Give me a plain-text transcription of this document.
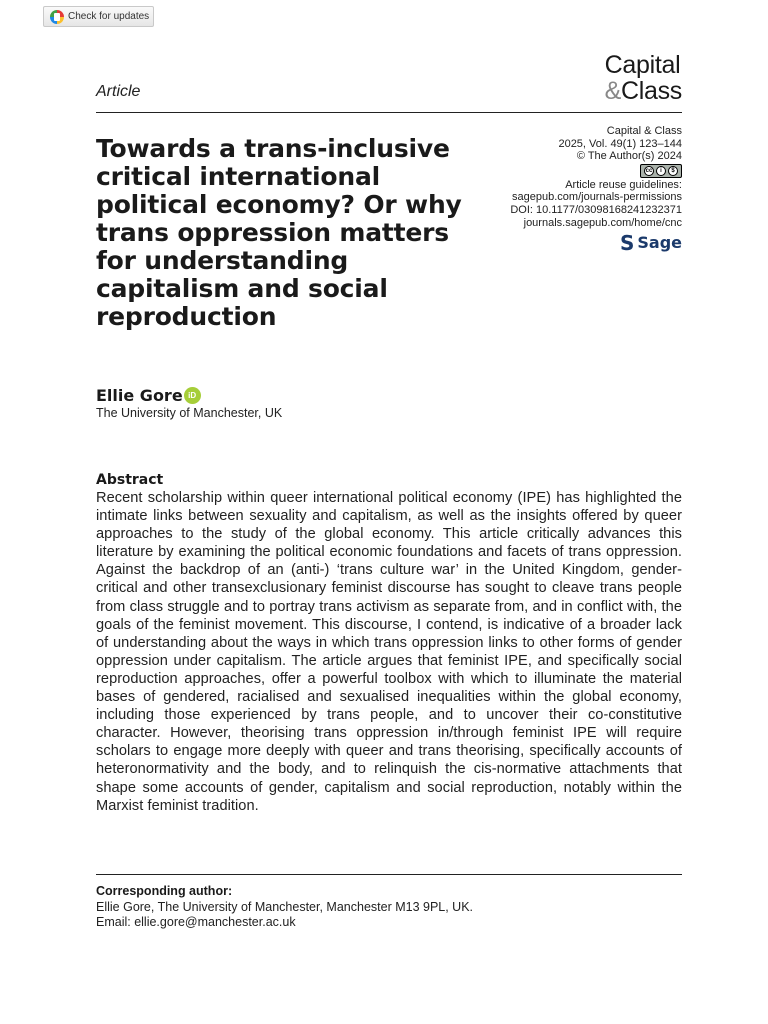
Check for updates
Capital
&Class
Article
Towards a trans-inclusive critical international political economy? Or why trans oppression matters for understanding capitalism and social reproduction
Capital & Class
2025, Vol. 49(1) 123–144
© The Author(s) 2024
cc	i	$
Article reuse guidelines:
sagepub.com/journals-permissions
DOI: 10.1177/03098168241232371
journals.sagepub.com/home/cnc
S Sage
Ellie Gore iD
The University of Manchester, UK
Abstract

Recent scholarship within queer international political economy (IPE) has highlighted the intimate links between sexuality and capitalism, as well as the insights offered by queer approaches to the study of the global economy. This article critically advances this literature by examining the political economic foundations and facets of trans oppression. Against the backdrop of an (anti-) ‘trans culture war’ in the United Kingdom, gender-critical and other transexclusionary feminist discourse has sought to cleave trans people from class struggle and to portray trans activism as separate from, and in conflict with, the goals of the feminist movement. This discourse, I contend, is indicative of a broader lack of understanding about the ways in which trans oppression links to other forms of gender oppression under capitalism. The article argues that feminist IPE, and specifically social reproduction approaches, offer a powerful toolbox with which to illuminate the material bases of gendered, racialised and sexualised inequalities within the global economy, including those experienced by trans people, and to uncover their co-constitutive character. However, theorising trans oppression in/through feminist IPE will require scholars to engage more deeply with queer and trans theorising, specifically accounts of heteronormativity and the body, and to relinquish the cis-normative attachments that shape some accounts of gender, capitalism and social reproduction, notably within the Marxist feminist tradition.

Corresponding author:
Ellie Gore, The University of Manchester, Manchester M13 9PL, UK.
Email: ellie.gore@manchester.ac.uk
